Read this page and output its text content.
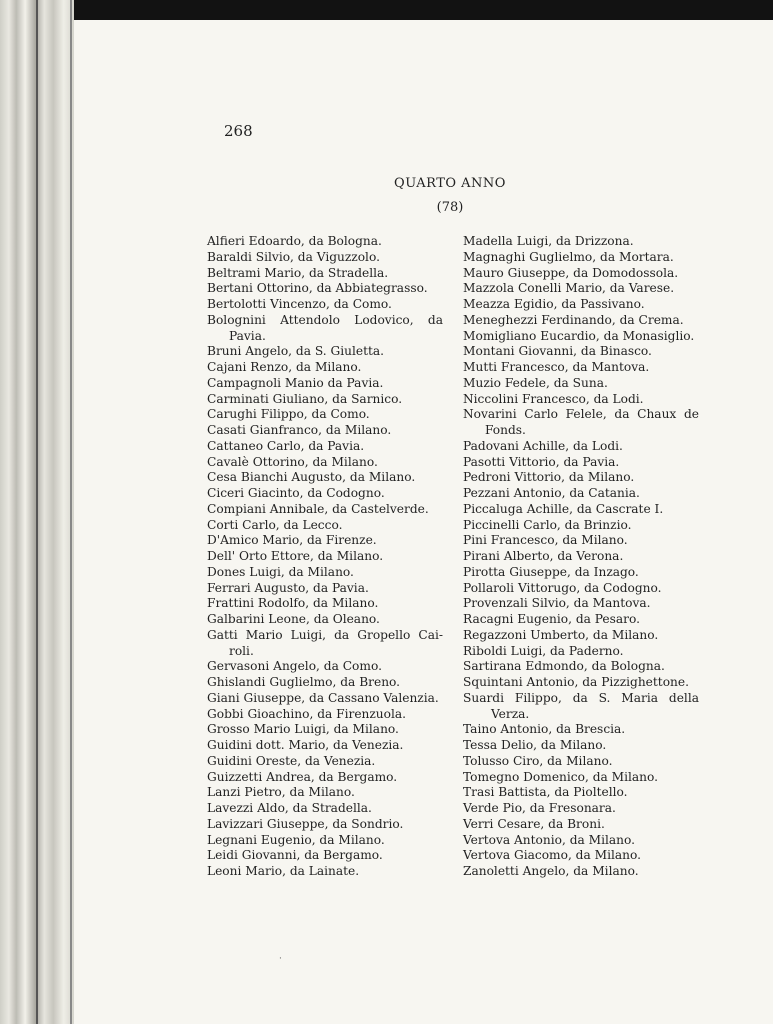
268
QUARTO ANNO
(78)
Alfieri Edoardo, da Bologna.
Baraldi Silvio, da Viguzzolo.
Beltrami Mario, da Stradella.
Bertani Ottorino, da Abbiategrasso.
Bertolotti Vincenzo, da Como.
Bolognini Attendolo Lodovico, da
Pavia.
Bruni Angelo, da S. Giuletta.
Cajani Renzo, da Milano.
Campagnoli Manio da Pavia.
Carminati Giuliano, da Sarnico.
Carughi Filippo, da Como.
Casati Gianfranco, da Milano.
Cattaneo Carlo, da Pavia.
Cavalè Ottorino, da Milano.
Cesa Bianchi Augusto, da Milano.
Ciceri Giacinto, da Codogno.
Compiani Annibale, da Castelverde.
Corti Carlo, da Lecco.
D'Amico Mario, da Firenze.
Dell' Orto Ettore, da Milano.
Dones Luigi, da Milano.
Ferrari Augusto, da Pavia.
Frattini Rodolfo, da Milano.
Galbarini Leone, da Oleano.
Gatti Mario Luigi, da Gropello Cai-
roli.
Gervasoni Angelo, da Como.
Ghislandi Guglielmo, da Breno.
Giani Giuseppe, da Cassano Valenzia.
Gobbi Gioachino, da Firenzuola.
Grosso Mario Luigi, da Milano.
Guidini dott. Mario, da Venezia.
Guidini Oreste, da Venezia.
Guizzetti Andrea, da Bergamo.
Lanzi Pietro, da Milano.
Lavezzi Aldo, da Stradella.
Lavizzari Giuseppe, da Sondrio.
Legnani Eugenio, da Milano.
Leidi Giovanni, da Bergamo.
Leoni Mario, da Lainate.
Madella Luigi, da Drizzona.
Magnaghi Guglielmo, da Mortara.
Mauro Giuseppe, da Domodossola.
Mazzola Conelli Mario, da Varese.
Meazza Egidio, da Passivano.
Meneghezzi Ferdinando, da Crema.
Momigliano Eucardio, da Monasiglio.
Montani Giovanni, da Binasco.
Mutti Francesco, da Mantova.
Muzio Fedele, da Suna.
Niccolini Francesco, da Lodi.
Novarini Carlo Felele, da Chaux de
Fonds.
Padovani Achille, da Lodi.
Pasotti Vittorio, da Pavia.
Pedroni Vittorio, da Milano.
Pezzani Antonio, da Catania.
Piccaluga Achille, da Cascrate I.
Piccinelli Carlo, da Brinzio.
Pini Francesco, da Milano.
Pirani Alberto, da Verona.
Pirotta Giuseppe, da Inzago.
Pollaroli Vittorugo, da Codogno.
Provenzali Silvio, da Mantova.
Racagni Eugenio, da Pesaro.
Regazzoni Umberto, da Milano.
Riboldi Luigi, da Paderno.
Sartirana Edmondo, da Bologna.
Squintani Antonio, da Pizzighettone.
Suardi Filippo, da S. Maria della
Verza.
Taino Antonio, da Brescia.
Tessa Delio, da Milano.
Tolusso Ciro, da Milano.
Tomegno Domenico, da Milano.
Trasi Battista, da Pioltello.
Verde Pio, da Fresonara.
Verri Cesare, da Broni.
Vertova Antonio, da Milano.
Vertova Giacomo, da Milano.
Zanoletti Angelo, da Milano.
·
